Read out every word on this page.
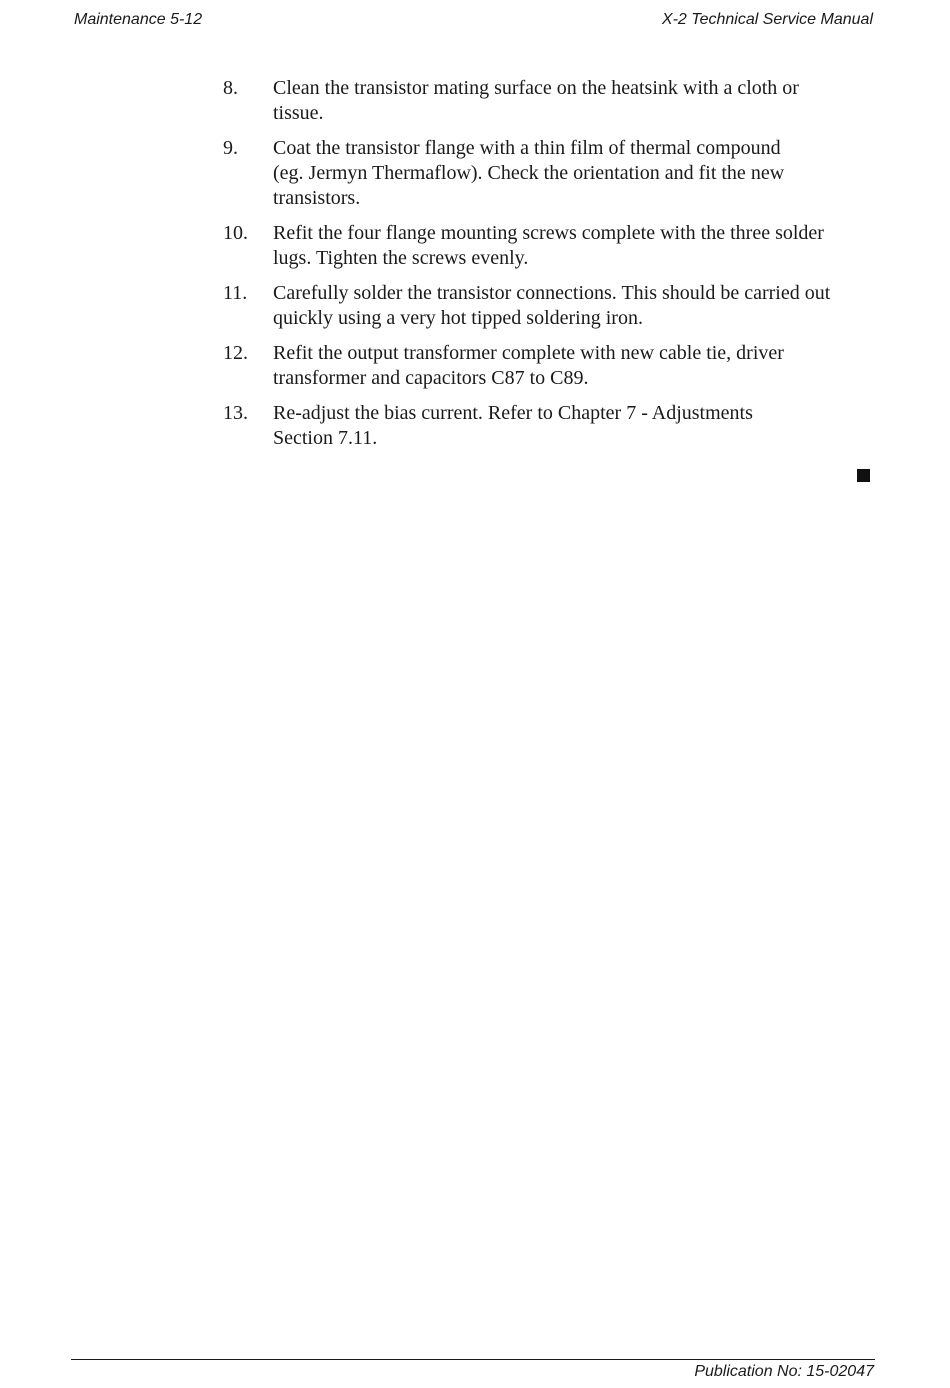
Maintenance 5-12	X-2 Technical Service Manual
8.	Clean the transistor mating surface on the heatsink with a cloth or
tissue.
9.	Coat the transistor flange with a thin film of thermal compound
(eg. Jermyn Thermaflow). Check the orientation and fit the new
transistors.
10.	Refit the four flange mounting screws complete with the three solder
lugs. Tighten the screws evenly.
11.	Carefully solder the transistor connections. This should be carried out
quickly using a very hot tipped soldering iron.
12.	Refit the output transformer complete with new cable tie, driver
transformer and capacitors C87 to C89.
13.	Re-adjust the bias current. Refer to Chapter 7 - Adjustments
Section 7.11.
Publication No: 15-02047
